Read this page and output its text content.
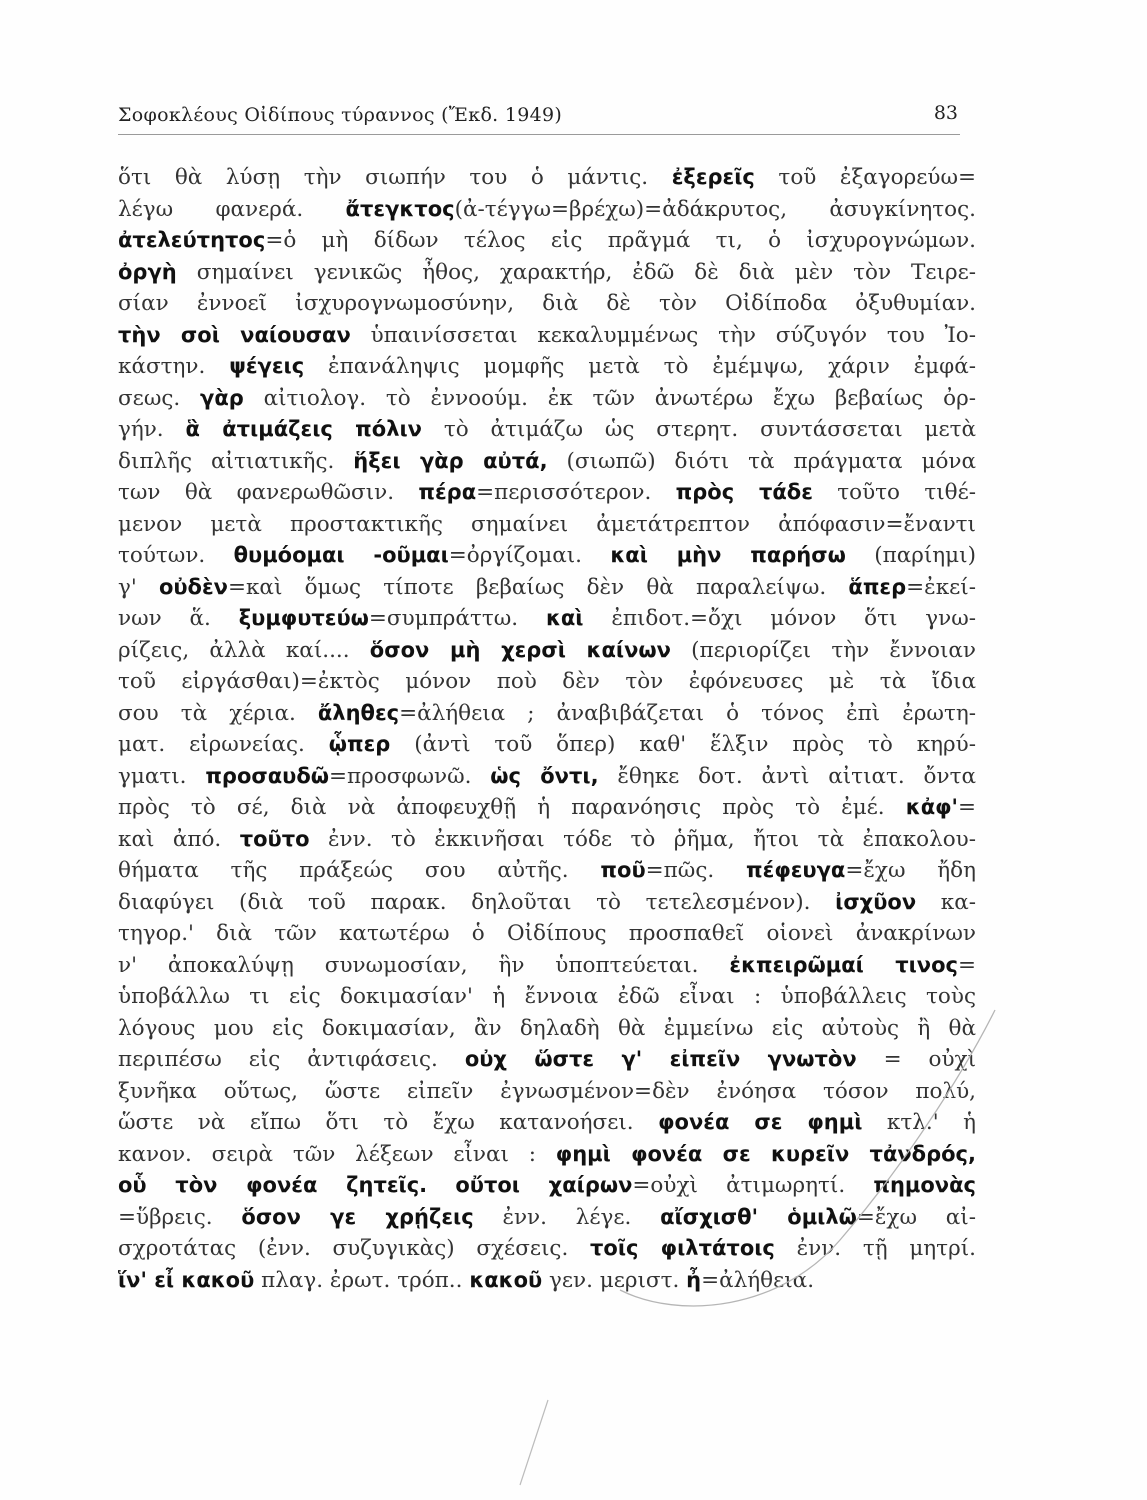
Σοφοκλέους Οἰδίπους τύραννος (Ἔκδ. 1949)	83
ὅτι θὰ λύσῃ τὴν σιωπήν του ὁ μάντις. ἐξερεῖς τοῦ ἐξαγορεύω=
λέγω φανερά. ἄτεγκτος(ἀ-τέγγω=βρέχω)=ἀδάκρυτος, ἀσυγκίνητος.
ἀτελεύτητος=ὁ μὴ δίδων τέλος εἰς πρᾶγμά τι, ὁ ἰσχυρογνώμων.
ὀργὴ σημαίνει γενικῶς ἦθος, χαρακτήρ, ἐδῶ δὲ διὰ μὲν τὸν Τειρε-
σίαν ἐννοεῖ ἰσχυρογνωμοσύνην, διὰ δὲ τὸν Οἰδίποδα ὀξυθυμίαν.
τὴν σοὶ ναίουσαν ὑπαινίσσεται κεκαλυμμένως τὴν σύζυγόν του Ἰο-
κάστην. ψέγεις ἐπανάληψις μομφῆς μετὰ τὸ ἐμέμψω, χάριν ἐμφά-
σεως. γὰρ αἰτιολογ. τὸ ἐννοούμ. ἐκ τῶν ἀνωτέρω ἔχω βεβαίως ὀρ-
γήν. ἃ ἀτιμάζεις πόλιν τὸ ἀτιμάζω ὡς στερητ. συντάσσεται μετὰ
διπλῆς αἰτιατικῆς. ἥξει γὰρ αὐτά, (σιωπῶ) διότι τὰ πράγματα μόνα
των θὰ φανερωθῶσιν. πέρα=περισσότερον. πρὸς τάδε τοῦτο τιθέ-
μενον μετὰ προστακτικῆς σημαίνει ἀμετάτρεπτον ἀπόφασιν=ἔναντι
τούτων. θυμόομαι -οῦμαι=ὀργίζομαι. καὶ μὴν παρήσω (παρίημι)
γ' οὐδὲν=καὶ ὅμως τίποτε βεβαίως δὲν θὰ παραλείψω. ἅπερ=ἐκεί-
νων ἅ. ξυμφυτεύω=συμπράττω. καὶ ἐπιδοτ.=ὄχι μόνον ὅτι γνω-
ρίζεις, ἀλλὰ καί.... ὅσον μὴ χερσὶ καίνων (περιορίζει τὴν ἔννοιαν
τοῦ εἰργάσθαι)=ἐκτὸς μόνον ποὺ δὲν τὸν ἐφόνευσες μὲ τὰ ἴδια
σου τὰ χέρια. ἄληθες=ἀλήθεια ; ἀναβιβάζεται ὁ τόνος ἐπὶ ἐρωτη-
ματ. εἰρωνείας. ᾧπερ (ἀντὶ τοῦ ὅπερ) καθ' ἕλξιν πρὸς τὸ κηρύ-
γματι. προσαυδῶ=προσφωνῶ. ὡς ὄντι, ἔθηκε δοτ. ἀντὶ αἰτιατ. ὄντα
πρὸς τὸ σέ, διὰ νὰ ἀποφευχθῇ ἡ παρανόησις πρὸς τὸ ἐμέ. κἀφ'=
καὶ ἀπό. τοῦτο ἐνν. τὸ ἐκκινῆσαι τόδε τὸ ῥῆμα, ἤτοι τὰ ἐπακολου-
θήματα τῆς πράξεώς σου αὐτῆς. ποῦ=πῶς. πέφευγα=ἔχω ἤδη
διαφύγει (διὰ τοῦ παρακ. δηλοῦται τὸ τετελεσμένον). ἰσχῦον κα-
τηγορ.' διὰ τῶν κατωτέρω ὁ Οἰδίπους προσπαθεῖ οἱονεὶ ἀνακρίνων
ν' ἀποκαλύψῃ συνωμοσίαν, ἣν ὑποπτεύεται. ἐκπειρῶμαί τινος=
ὑποβάλλω τι εἰς δοκιμασίαν' ἡ ἔννοια ἐδῶ εἶναι : ὑποβάλλεις τοὺς
λόγους μου εἰς δοκιμασίαν, ἂν δηλαδὴ θὰ ἐμμείνω εἰς αὐτοὺς ἢ θὰ
περιπέσω εἰς ἀντιφάσεις. οὐχ ὥστε γ' εἰπεῖν γνωτὸν = οὐχὶ
ξυνῆκα οὕτως, ὥστε εἰπεῖν ἐγνωσμένον=δὲν ἐνόησα τόσον πολύ,
ὥστε νὰ εἴπω ὅτι τὸ ἔχω κατανοήσει. φονέα σε φημὶ κτλ.' ἡ
κανον. σειρὰ τῶν λέξεων εἶναι : φημὶ φονέα σε κυρεῖν τἀνδρός,
οὗ τὸν φονέα ζητεῖς. οὔτοι χαίρων=οὐχὶ ἀτιμωρητί. πημονὰς
=ὕβρεις. ὅσον γε χρῄζεις ἐνν. λέγε. αἴσχισθ' ὁμιλῶ=ἔχω αἰ-
σχροτάτας (ἐνν. συζυγικὰς) σχέσεις. τοῖς φιλτάτοις ἐνν. τῇ μητρί.
ἵν' εἶ κακοῦ πλαγ. ἐρωτ. τρόπ.. κακοῦ γεν. μεριστ. ἦ=ἀλήθεια.
